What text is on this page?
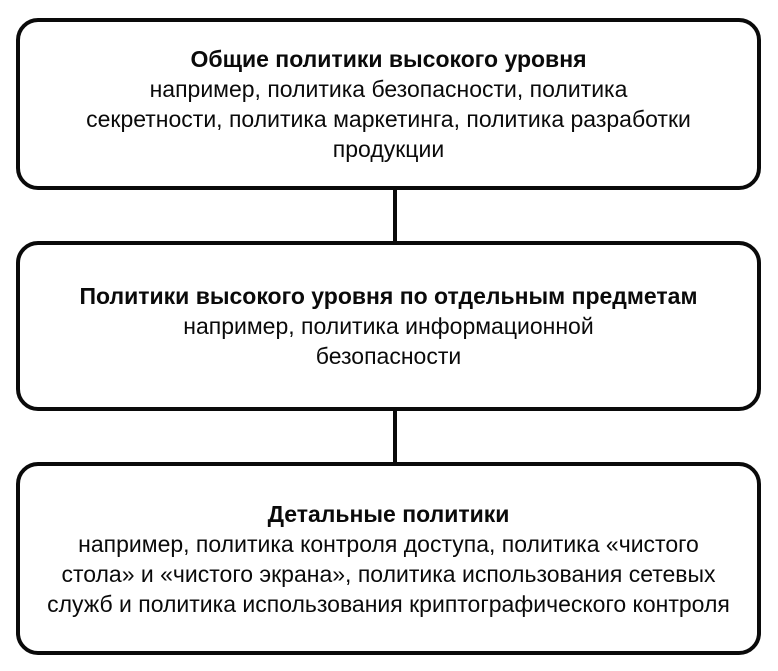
Общие политики высокого уровня
например, политика безопасности, политика секретности, политика маркетинга, политика разработки продукции
Политики высокого уровня по отдельным предметам
например, политика информационной безопасности
Детальные политики
например, политика контроля доступа, политика «чистого стола» и «чистого экрана», политика использования сетевых служб и политика использования криптографического контроля
